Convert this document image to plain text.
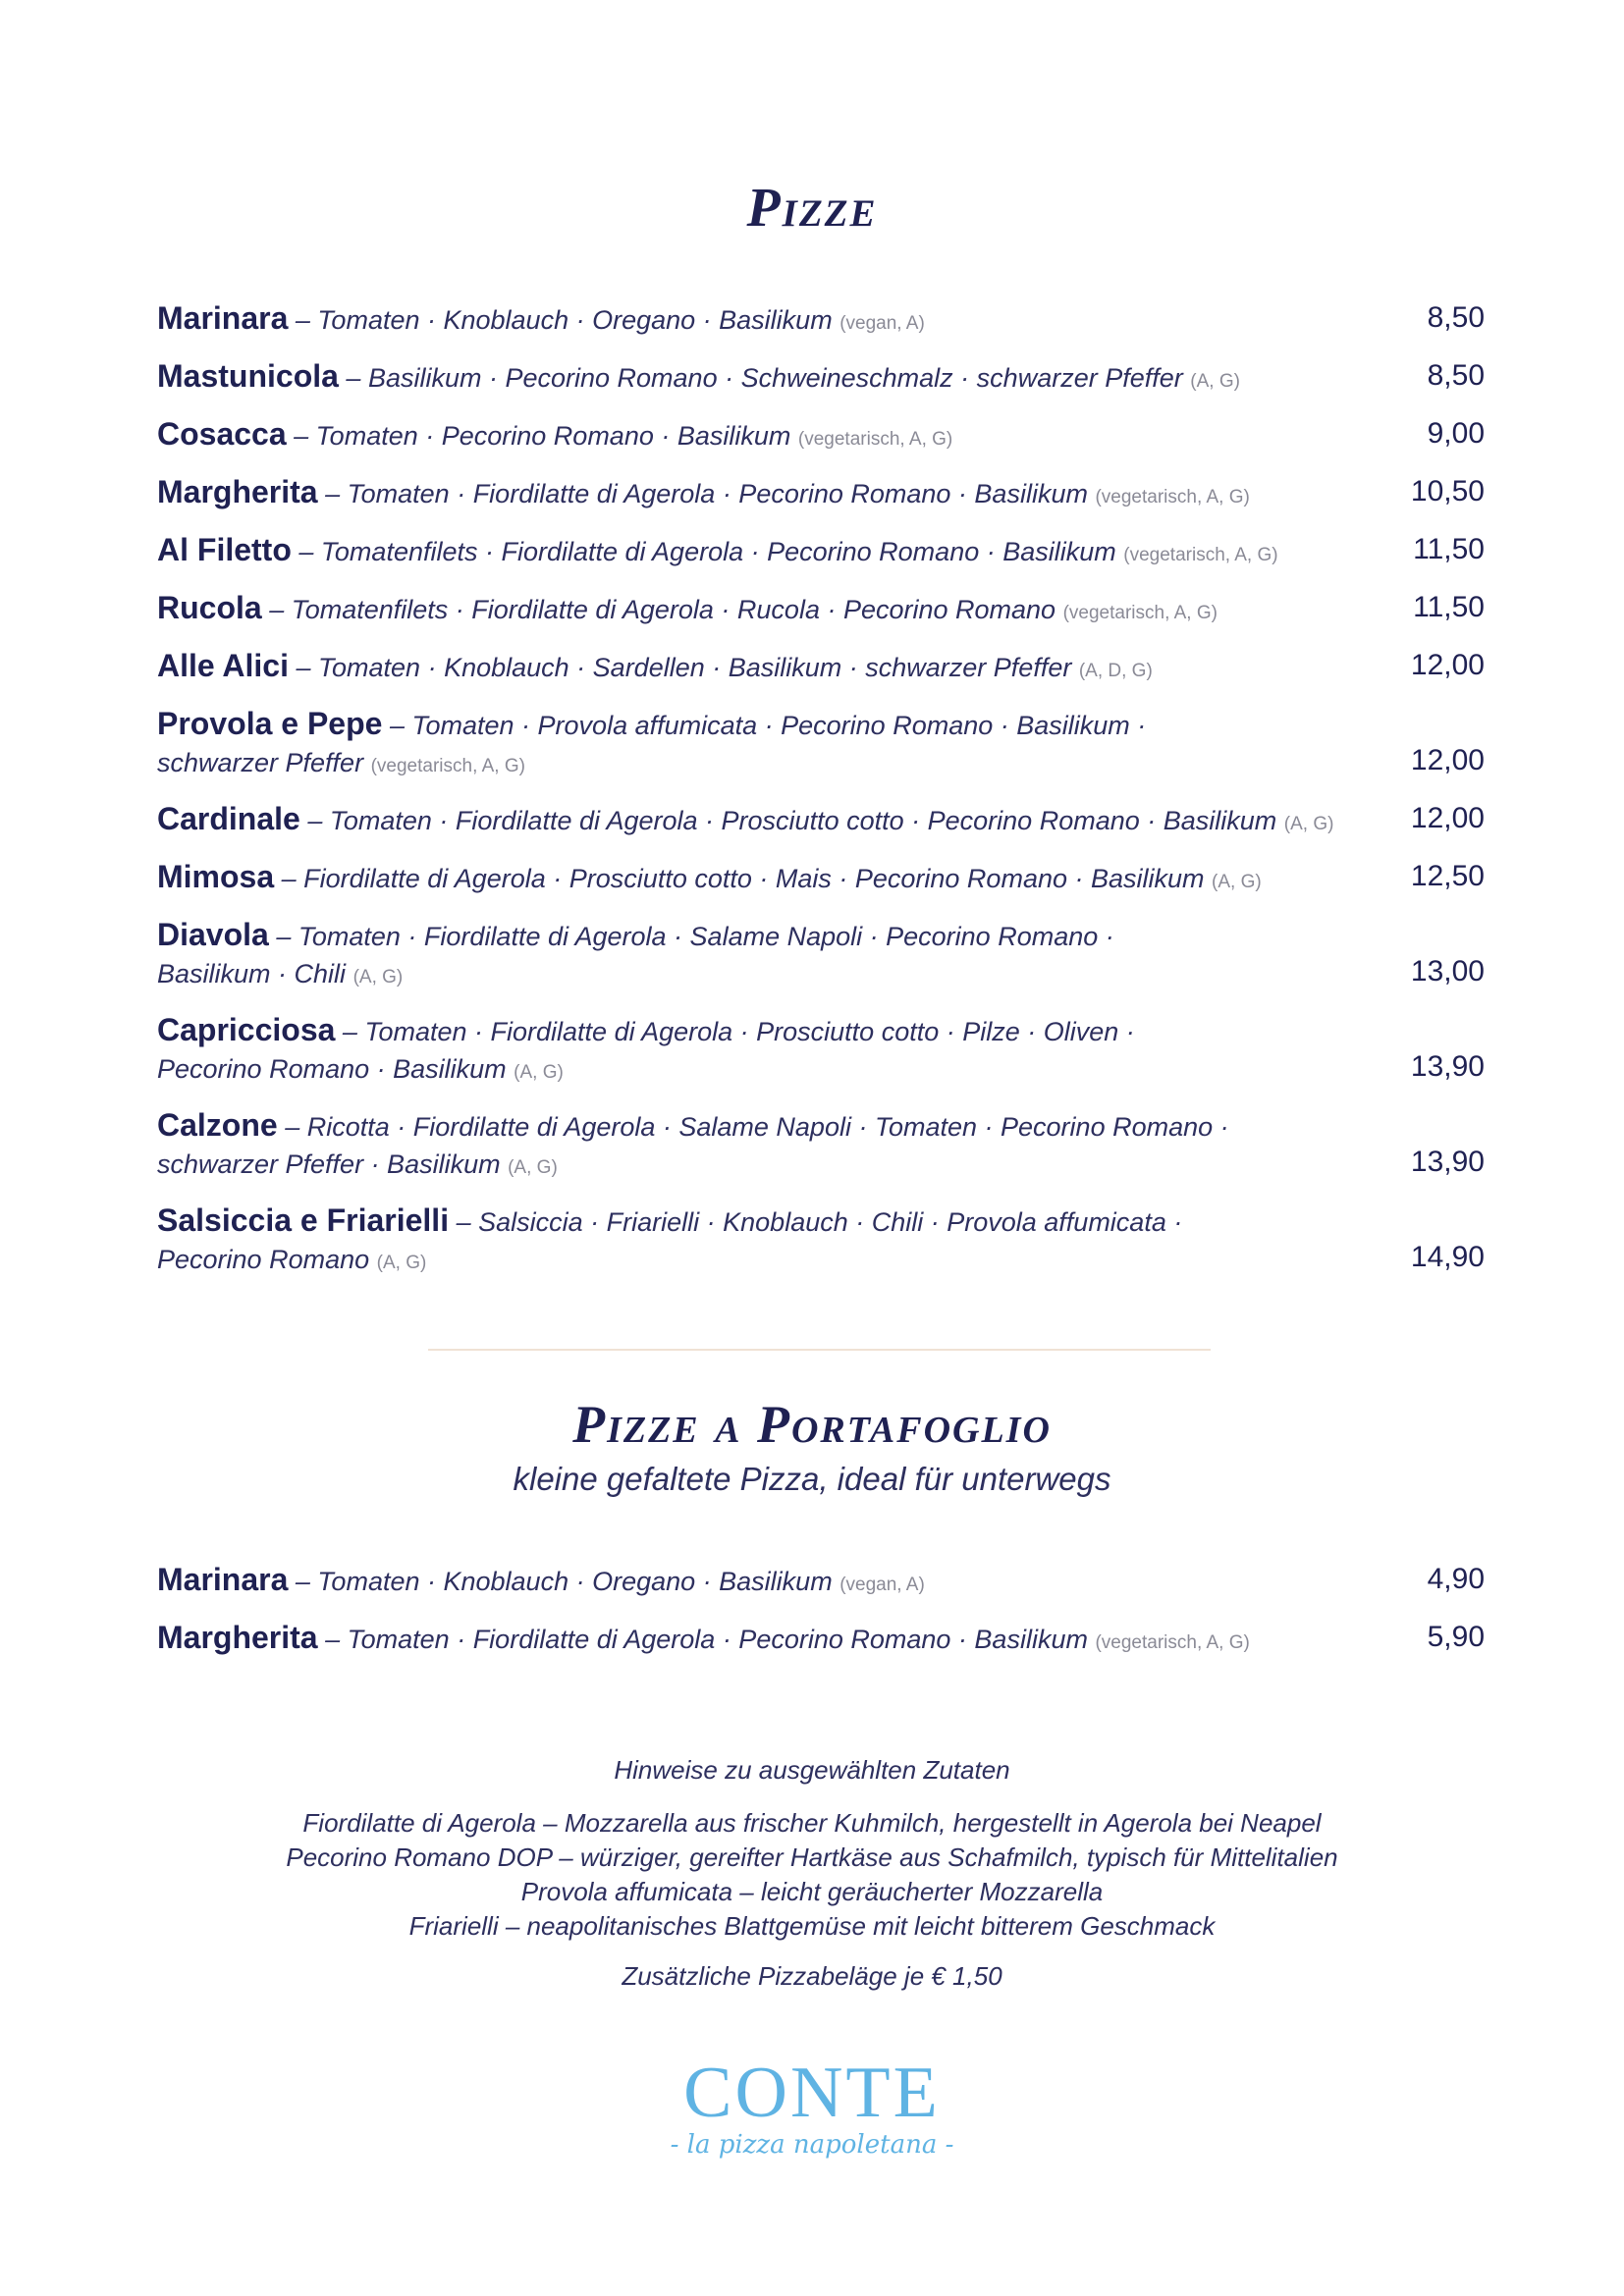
Pizze
Marinara – Tomaten · Knoblauch · Oregano · Basilikum (vegan, A)	8,50
Mastunicola – Basilikum · Pecorino Romano · Schweineschmalz · schwarzer Pfeffer (A, G)	8,50
Cosacca – Tomaten · Pecorino Romano · Basilikum (vegetarisch, A, G)	9,00
Margherita – Tomaten · Fiordilatte di Agerola · Pecorino Romano · Basilikum (vegetarisch, A, G)	10,50
Al Filetto – Tomatenfilets · Fiordilatte di Agerola · Pecorino Romano · Basilikum (vegetarisch, A, G)	11,50
Rucola – Tomatenfilets · Fiordilatte di Agerola · Rucola · Pecorino Romano (vegetarisch, A, G)	11,50
Alle Alici – Tomaten · Knoblauch · Sardellen · Basilikum · schwarzer Pfeffer (A, D, G)	12,00
Provola e Pepe – Tomaten · Provola affumicata · Pecorino Romano · Basilikum ·
schwarzer Pfeffer (vegetarisch, A, G)	12,00
Cardinale – Tomaten · Fiordilatte di Agerola · Prosciutto cotto · Pecorino Romano · Basilikum (A, G)	12,00
Mimosa – Fiordilatte di Agerola · Prosciutto cotto · Mais · Pecorino Romano · Basilikum (A, G)	12,50
Diavola – Tomaten · Fiordilatte di Agerola · Salame Napoli · Pecorino Romano ·
Basilikum · Chili (A, G)	13,00
Capricciosa – Tomaten · Fiordilatte di Agerola · Prosciutto cotto · Pilze · Oliven ·
Pecorino Romano · Basilikum (A, G)	13,90
Calzone – Ricotta · Fiordilatte di Agerola · Salame Napoli · Tomaten · Pecorino Romano ·
schwarzer Pfeffer · Basilikum (A, G)	13,90
Salsiccia e Friarielli – Salsiccia · Friarielli · Knoblauch · Chili · Provola affumicata ·
Pecorino Romano (A, G)	14,90
Pizze a Portafoglio
kleine gefaltete Pizza, ideal für unterwegs
Marinara – Tomaten · Knoblauch · Oregano · Basilikum (vegan, A)	4,90
Margherita – Tomaten · Fiordilatte di Agerola · Pecorino Romano · Basilikum (vegetarisch, A, G)	5,90
Hinweise zu ausgewählten Zutaten
Fiordilatte di Agerola – Mozzarella aus frischer Kuhmilch, hergestellt in Agerola bei Neapel
Pecorino Romano DOP – würziger, gereifter Hartkäse aus Schafmilch, typisch für Mittelitalien
Provola affumicata – leicht geräucherter Mozzarella
Friarielli – neapolitanisches Blattgemüse mit leicht bitterem Geschmack
Zusätzliche Pizzabeläge je € 1,50
CONTE
- la pizza napoletana -
